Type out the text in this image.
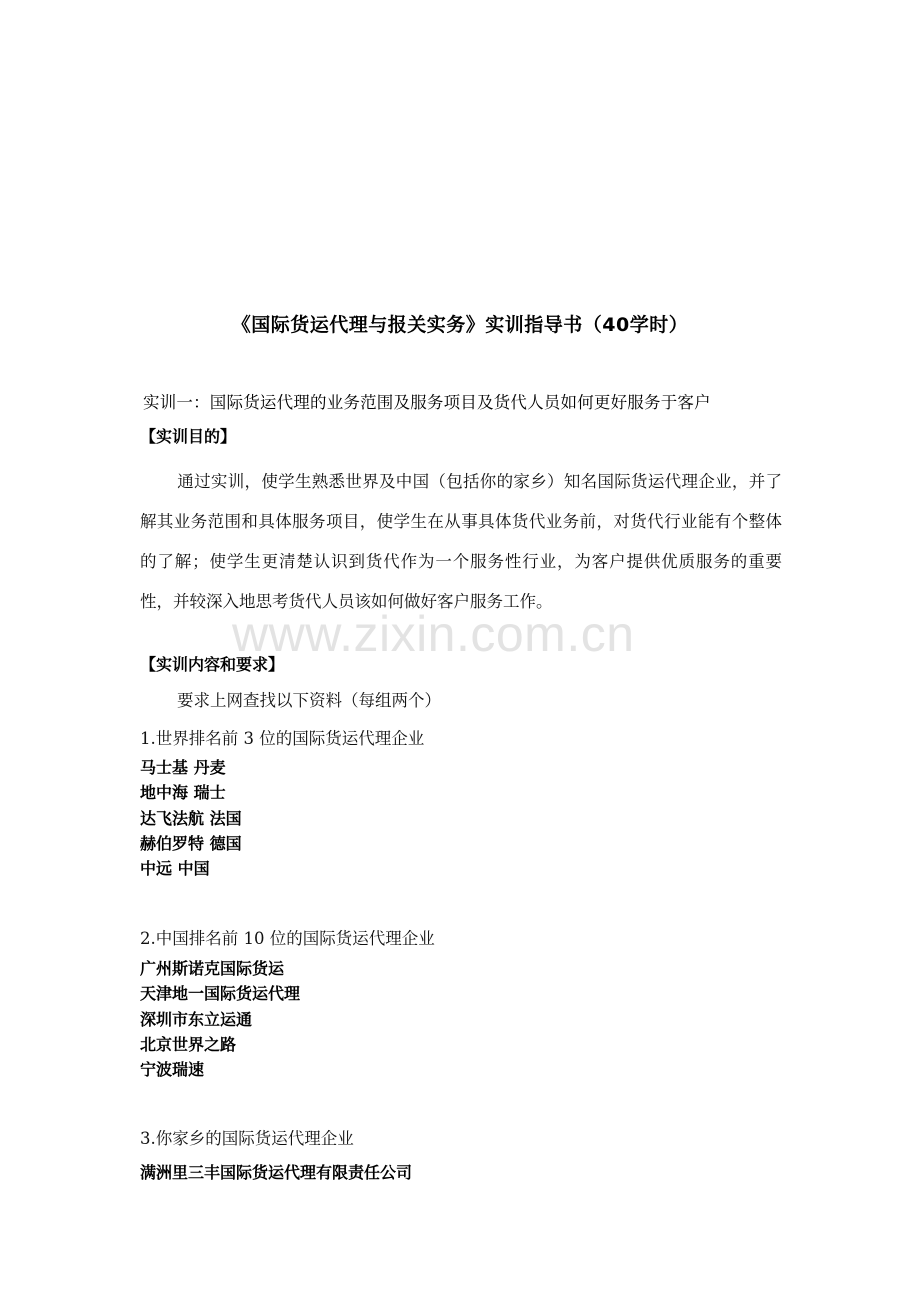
www.zixin.com.cn
《国际货运代理与报关实务》实训指导书（40学时）
实训一：国际货运代理的业务范围及服务项目及货代人员如何更好服务于客户
【实训目的】
通过实训，使学生熟悉世界及中国（包括你的家乡）知名国际货运代理企业，并了解其业务范围和具体服务项目，使学生在从事具体货代业务前，对货代行业能有个整体的了解；使学生更清楚认识到货代作为一个服务性行业，为客户提供优质服务的重要性，并较深入地思考货代人员该如何做好客户服务工作。
【实训内容和要求】
要求上网查找以下资料（每组两个）
1.世界排名前 3 位的国际货运代理企业
马士基 丹麦
地中海 瑞士
达飞法航 法国
赫伯罗特 德国
中远 中国
2.中国排名前 10 位的国际货运代理企业
广州斯诺克国际货运
天津地一国际货运代理
深圳市东立运通
北京世界之路
宁波瑞速
3.你家乡的国际货运代理企业
满洲里三丰国际货运代理有限责任公司
